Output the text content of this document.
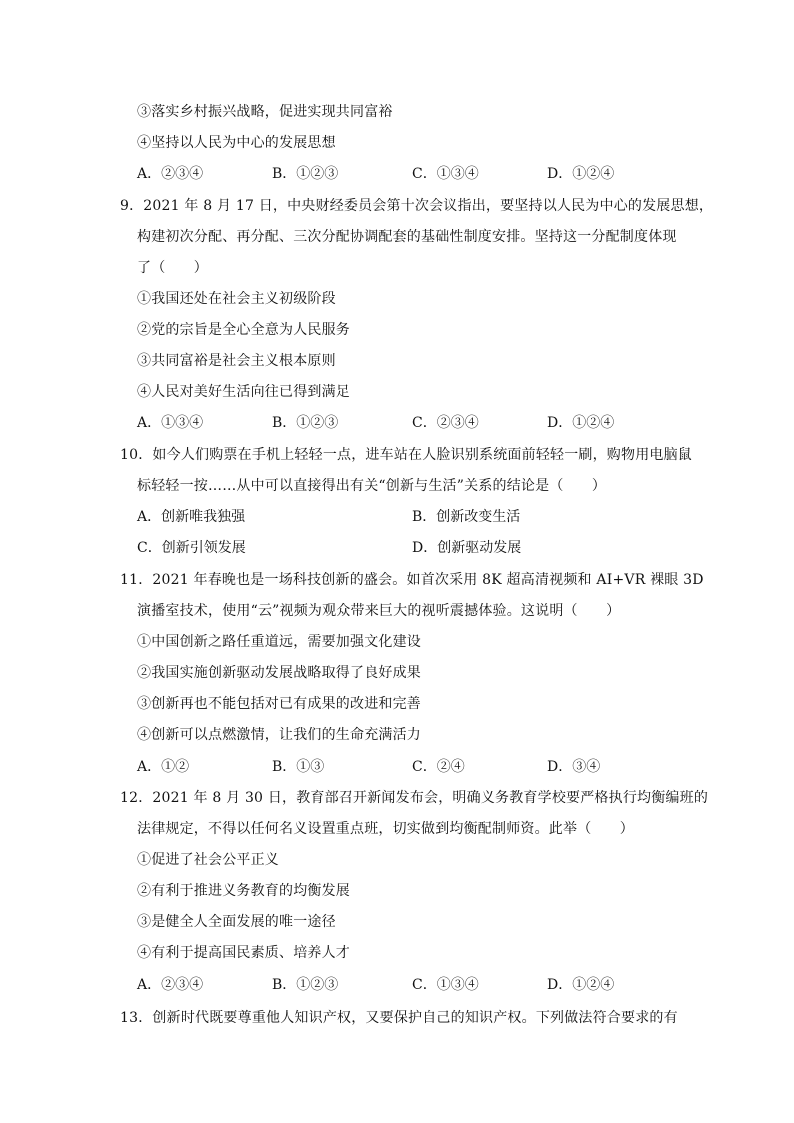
③落实乡村振兴战略，促进实现共同富裕
④坚持以人民为中心的发展思想
A．②③④	B．①②③	C．①③④	D．①②④
9．2021 年 8 月 17 日，中央财经委员会第十次会议指出，要坚持以人民为中心的发展思想，
构建初次分配、再分配、三次分配协调配套的基础性制度安排。坚持这一分配制度体现
了（　　）
①我国还处在社会主义初级阶段
②党的宗旨是全心全意为人民服务
③共同富裕是社会主义根本原则
④人民对美好生活向往已得到满足
A．①③④	B．①②③	C．②③④	D．①②④
10．如今人们购票在手机上轻轻一点，进车站在人脸识别系统面前轻轻一刷，购物用电脑鼠
标轻轻一按……从中可以直接得出有关“创新与生活”关系的结论是（　　）
A．创新唯我独强	B．创新改变生活
C．创新引领发展	D．创新驱动发展
11．2021 年春晚也是一场科技创新的盛会。如首次采用 8K 超高清视频和 AI+VR 裸眼 3D
演播室技术，使用“云”视频为观众带来巨大的视听震撼体验。这说明（　　）
①中国创新之路任重道远，需要加强文化建设
②我国实施创新驱动发展战略取得了良好成果
③创新再也不能包括对已有成果的改进和完善
④创新可以点燃激情，让我们的生命充满活力
A．①②	B．①③	C．②④	D．③④
12．2021 年 8 月 30 日，教育部召开新闻发布会，明确义务教育学校要严格执行均衡编班的
法律规定，不得以任何名义设置重点班，切实做到均衡配制师资。此举（　　）
①促进了社会公平正义
②有利于推进义务教育的均衡发展
③是健全人全面发展的唯一途径
④有利于提高国民素质、培养人才
A．②③④	B．①②③	C．①③④	D．①②④
13．创新时代既要尊重他人知识产权，又要保护自己的知识产权。下列做法符合要求的有
